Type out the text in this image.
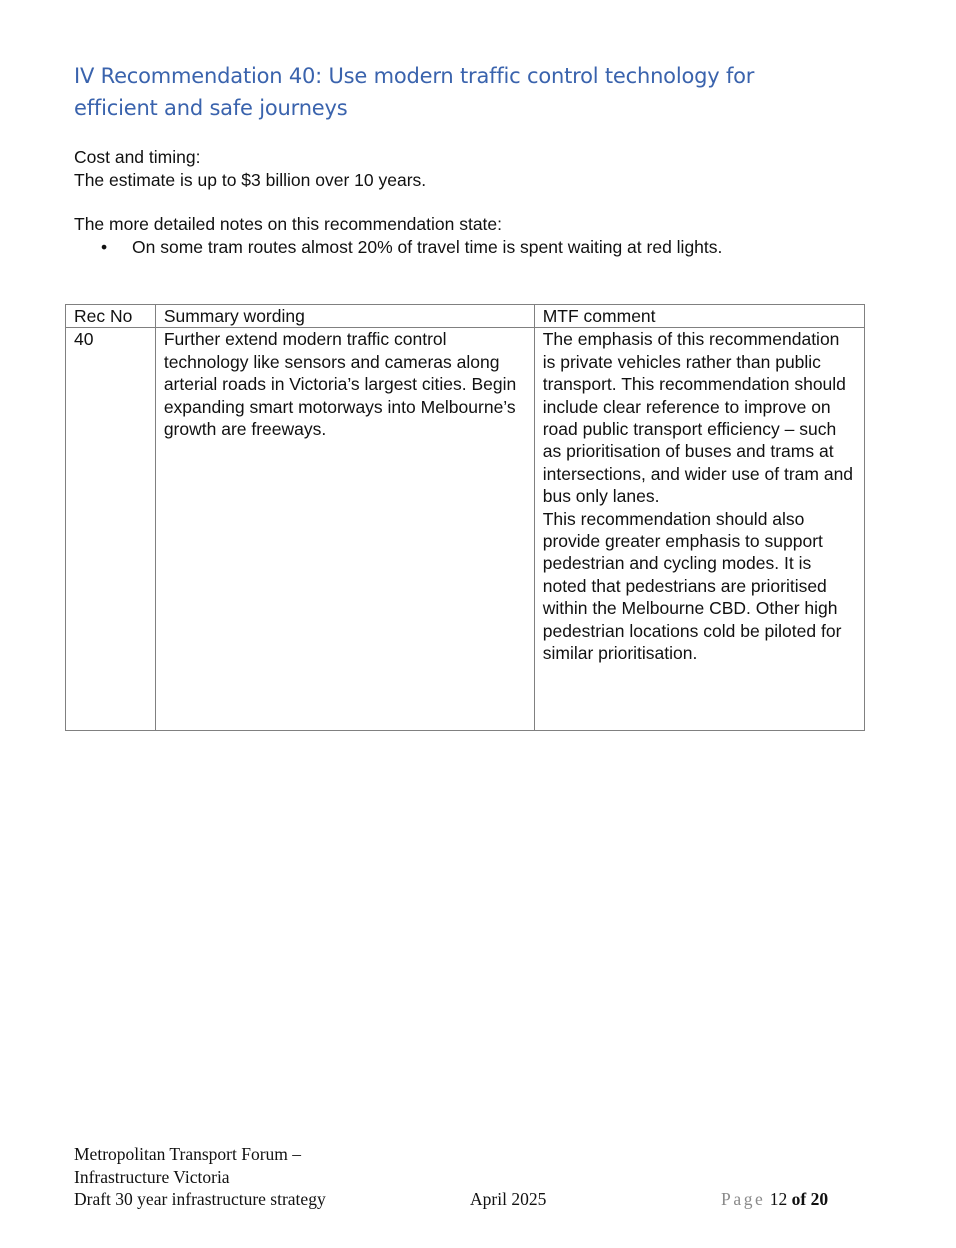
IV Recommendation 40: Use modern traffic control technology for
efficient and safe journeys
Cost and timing:
The estimate is up to $3 billion over 10 years.
The more detailed notes on this recommendation state:
• On some tram routes almost 20% of travel time is spent waiting at red lights.
Rec No	Summary wording	MTF comment
40	Further extend modern traffic control technology like sensors and cameras along arterial roads in Victoria’s largest cities. Begin expanding smart motorways into Melbourne’s growth are freeways.	The emphasis of this recommendation is private vehicles rather than public transport. This recommendation should include clear reference to improve on road public transport efficiency – such as prioritisation of buses and trams at intersections, and wider use of tram and bus only lanes.
This recommendation should also provide greater emphasis to support pedestrian and cycling modes. It is noted that pedestrians are prioritised within the Melbourne CBD. Other high pedestrian locations cold be piloted for similar prioritisation.
Metropolitan Transport Forum –
Infrastructure Victoria
Draft 30 year infrastructure strategy	April 2025	Page 12 of 20
